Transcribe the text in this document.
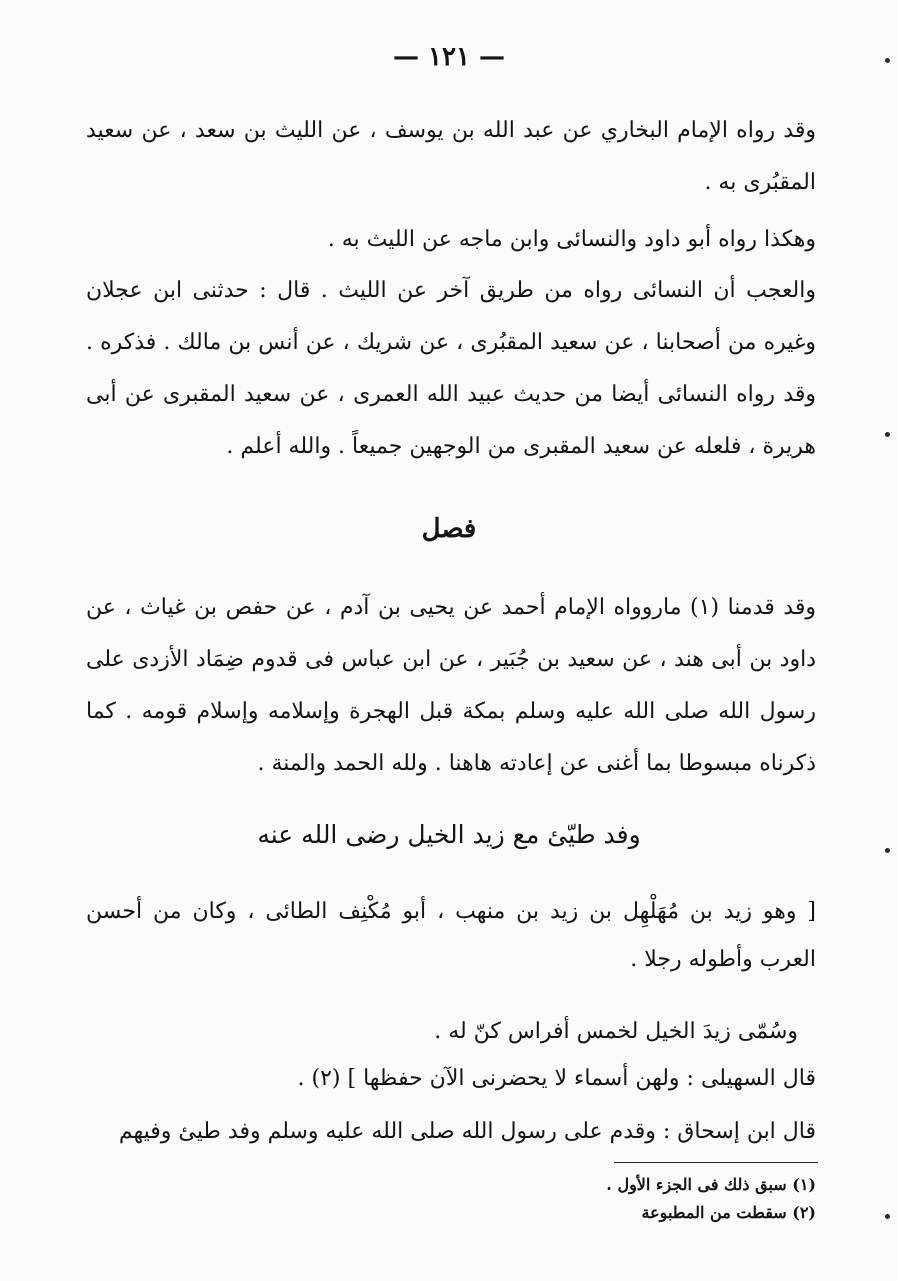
— ١٢١ —
وقد رواه الإمام البخاري عن عبد الله بن يوسف ، عن الليث بن سعد ، عن سعيد المقبُرى به .
وهكذا رواه أبو داود والنسائى وابن ماجه عن الليث به .
والعجب أن النسائى رواه من طريق آخر عن الليث . قال : حدثنى ابن عجلان وغيره من أصحابنا ، عن سعيد المقبُرى ، عن شريك ، عن أنس بن مالك . فذكره . وقد رواه النسائى أيضا من حديث عبيد الله العمرى ، عن سعيد المقبرى عن أبى هريرة ، فلعله عن سعيد المقبرى من الوجهين جميعاً . والله أعلم .
فصل
وقد قدمنا (١) ماروواه الإمام أحمد عن يحيى بن آدم ، عن حفص بن غياث ، عن داود بن أبى هند ، عن سعيد بن جُبَير ، عن ابن عباس فى قدوم ضِمَاد الأزدى على رسول الله صلى الله عليه وسلم بمكة قبل الهجرة وإسلامه وإسلام قومه . كما ذكرناه مبسوطا بما أغنى عن إعادته هاهنا . ولله الحمد والمنة .
وفد طيّئ مع زيد الخيل رضى الله عنه
[ وهو زيد بن مُهَلْهِل بن زيد بن منهب ، أبو مُكْنِف الطائى ، وكان من أحسن العرب وأطوله رجلا .
وسُمّى زيدَ الخيل لخمس أفراس كنّ له .
قال السهيلى : ولهن أسماء لا يحضرنى الآن حفظها ] (٢) .
قال ابن إسحاق : وقدم على رسول الله صلى الله عليه وسلم وفد طيئ وفيهم
(١) سبق ذلك فى الجزء الأول .
(٢) سقطت من المطبوعة
